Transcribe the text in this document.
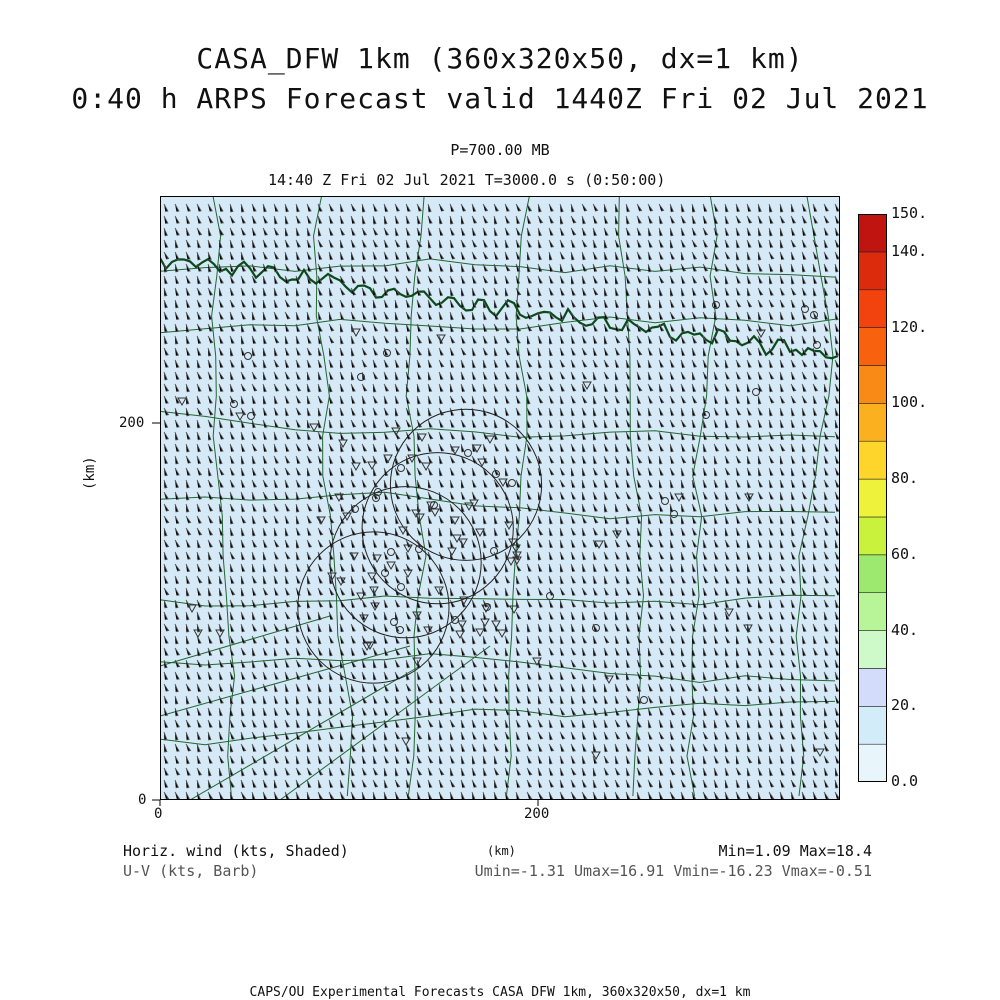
CASA_DFW 1km (360x320x50, dx=1 km)
0:40 h ARPS Forecast valid 1440Z Fri 02 Jul 2021
P=700.00 MB
14:40 Z Fri 02 Jul 2021 T=3000.0 s (0:50:00)
(km)
200
0
0	200
150.
140.
120.
100.
80.
60.
40.
20.
0.0
Horiz. wind (kts, Shaded)
U-V (kts, Barb)
(km)	Min=1.09 Max=18.4
Umin=-1.31 Umax=16.91 Vmin=-16.23 Vmax=-0.51
CAPS/OU Experimental Forecasts CASA DFW 1km, 360x320x50, dx=1 km
